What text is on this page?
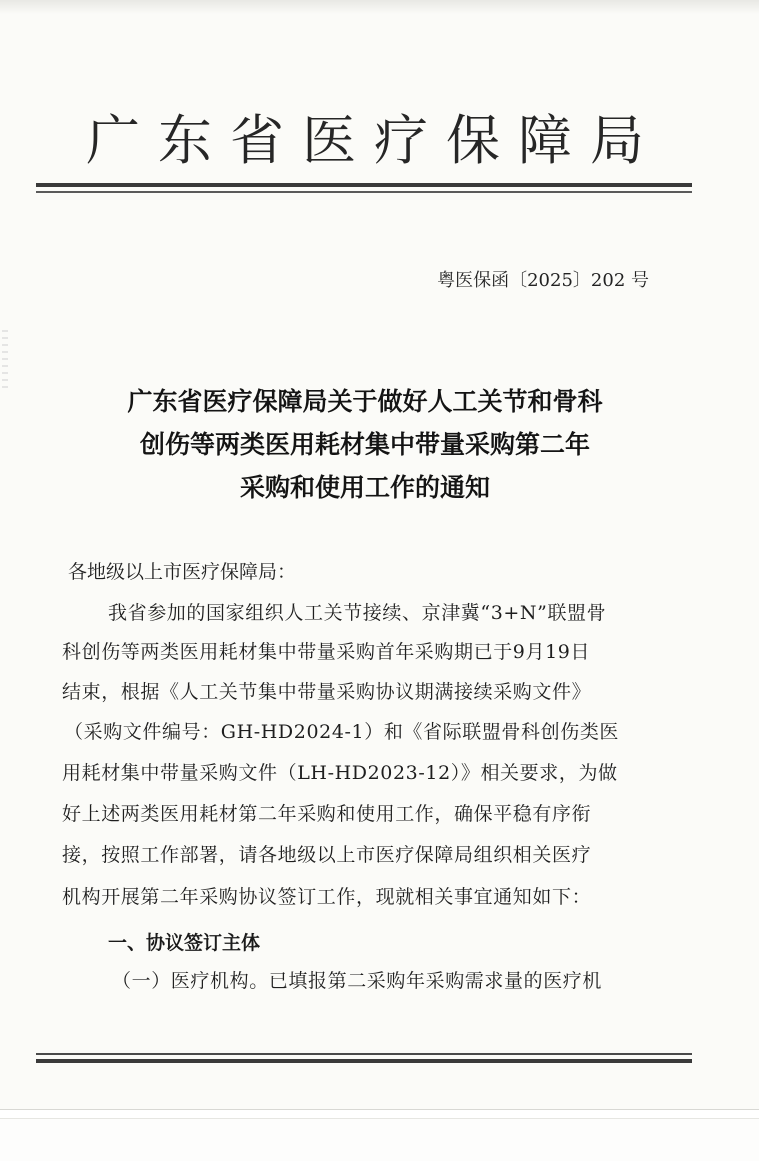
广 东 省 医 疗 保 障 局
粤医保函〔2025〕202 号
广东省医疗保障局关于做好人工关节和骨科
创伤等两类医用耗材集中带量采购第二年
采购和使用工作的通知
各地级以上市医疗保障局：
我省参加的国家组织人工关节接续、京津冀“3+N”联盟骨
科创伤等两类医用耗材集中带量采购首年采购期已于9月19日
结束，根据《人工关节集中带量采购协议期满接续采购文件》
（采购文件编号：GH-HD2024-1）和《省际联盟骨科创伤类医
用耗材集中带量采购文件（LH-HD2023-12）》相关要求，为做
好上述两类医用耗材第二年采购和使用工作，确保平稳有序衔
接，按照工作部署，请各地级以上市医疗保障局组织相关医疗
机构开展第二年采购协议签订工作，现就相关事宜通知如下：
一、协议签订主体
（一）医疗机构。已填报第二采购年采购需求量的医疗机
